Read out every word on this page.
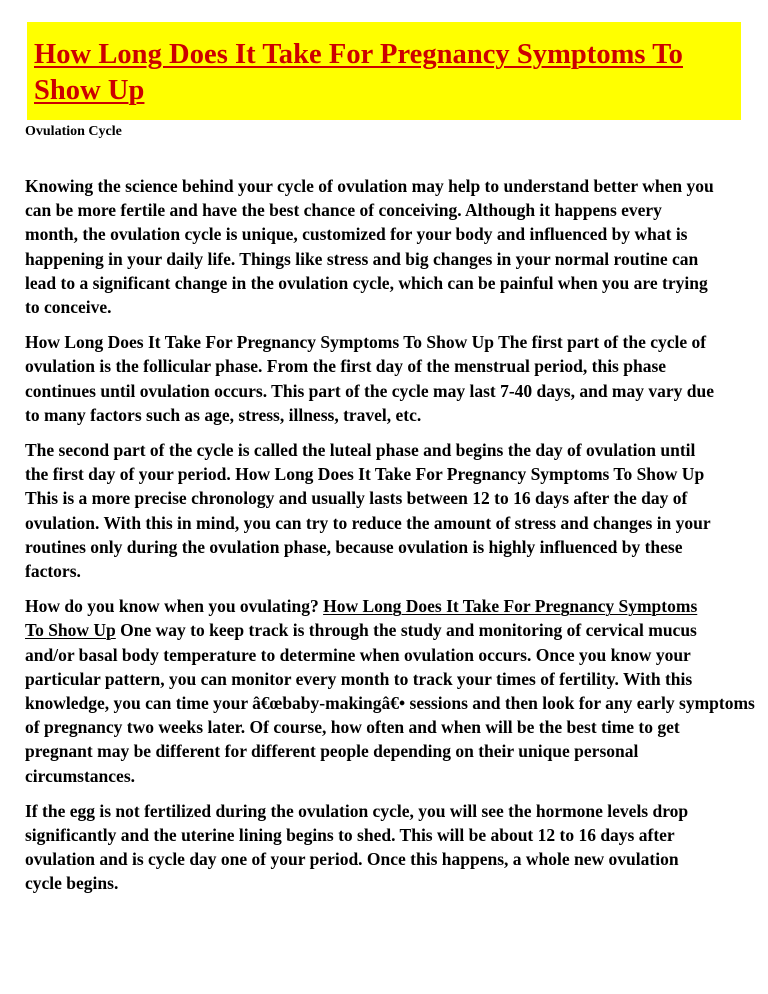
How Long Does It Take For Pregnancy Symptoms To
Show Up

Ovulation Cycle

Knowing the science behind your cycle of ovulation may help to understand better when you
can be more fertile and have the best chance of conceiving. Although it happens every
month, the ovulation cycle is unique, customized for your body and influenced by what is
happening in your daily life. Things like stress and big changes in your normal routine can
lead to a significant change in the ovulation cycle, which can be painful when you are trying
to conceive.

How Long Does It Take For Pregnancy Symptoms To Show Up The first part of the cycle of
ovulation is the follicular phase. From the first day of the menstrual period, this phase
continues until ovulation occurs. This part of the cycle may last 7-40 days, and may vary due
to many factors such as age, stress, illness, travel, etc.

The second part of the cycle is called the luteal phase and begins the day of ovulation until
the first day of your period. How Long Does It Take For Pregnancy Symptoms To Show Up
This is a more precise chronology and usually lasts between 12 to 16 days after the day of
ovulation. With this in mind, you can try to reduce the amount of stress and changes in your
routines only during the ovulation phase, because ovulation is highly influenced by these
factors.

How do you know when you ovulating? How Long Does It Take For Pregnancy Symptoms
To Show Up One way to keep track is through the study and monitoring of cervical mucus
and/or basal body temperature to determine when ovulation occurs. Once you know your
particular pattern, you can monitor every month to track your times of fertility. With this
knowledge, you can time your â€œbaby-makingâ€• sessions and then look for any early symptoms
of pregnancy two weeks later. Of course, how often and when will be the best time to get
pregnant may be different for different people depending on their unique personal
circumstances.

If the egg is not fertilized during the ovulation cycle, you will see the hormone levels drop
significantly and the uterine lining begins to shed. This will be about 12 to 16 days after
ovulation and is cycle day one of your period. Once this happens, a whole new ovulation
cycle begins.
